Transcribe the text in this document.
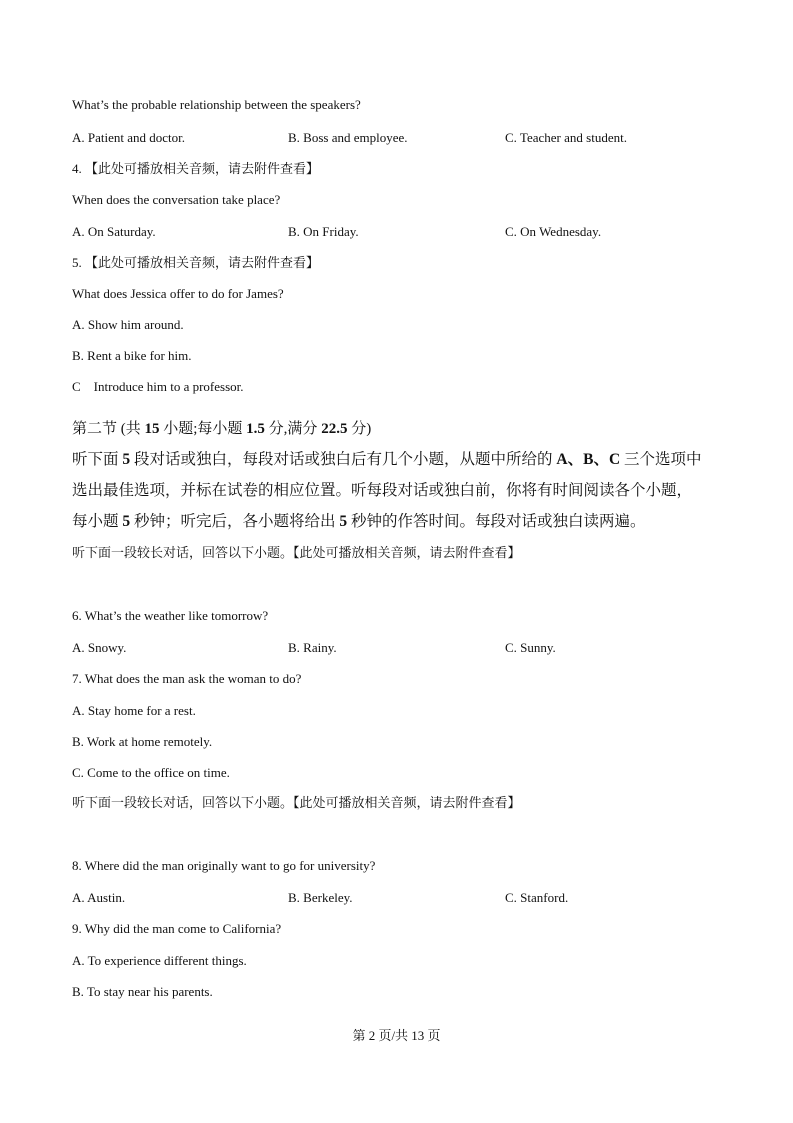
What’s the probable relationship between the speakers?
A. Patient and doctor.	B. Boss and employee.	C. Teacher and student.
4. 【此处可播放相关音频，请去附件查看】
When does the conversation take place?
A. On Saturday.	B. On Friday.	C. On Wednesday.
5. 【此处可播放相关音频，请去附件查看】
What does Jessica offer to do for James?
A. Show him around.
B. Rent a bike for him.
C    Introduce him to a professor.
第二节 (共 15 小题;每小题 1.5 分,满分 22.5 分)
听下面 5 段对话或独白，每段对话或独白后有几个小题，从题中所给的 A、B、C 三个选项中
选出最佳选项，并标在试卷的相应位置。听每段对话或独白前，你将有时间阅读各个小题，
每小题 5 秒钟；听完后，各小题将给出 5 秒钟的作答时间。每段对话或独白读两遍。
听下面一段较长对话，回答以下小题。【此处可播放相关音频，请去附件查看】
6. What’s the weather like tomorrow?
A. Snowy.	B. Rainy.	C. Sunny.
7. What does the man ask the woman to do?
A. Stay home for a rest.
B. Work at home remotely.
C. Come to the office on time.
听下面一段较长对话，回答以下小题。【此处可播放相关音频，请去附件查看】
8. Where did the man originally want to go for university?
A. Austin.	B. Berkeley.	C. Stanford.
9. Why did the man come to California?
A. To experience different things.
B. To stay near his parents.
第 2 页/共 13 页
